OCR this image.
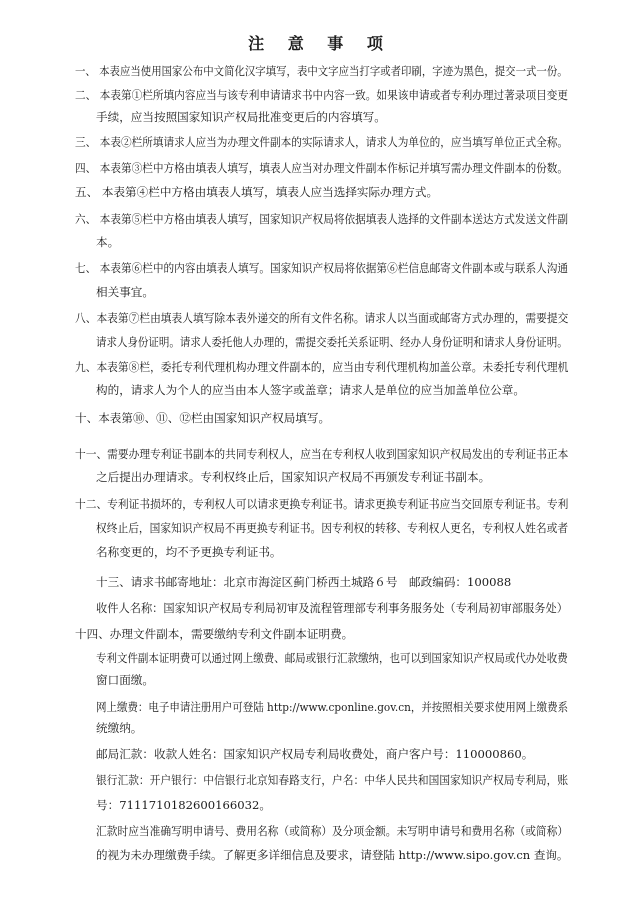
注 意 事 项
一、 本表应当使用国家公布中文简化汉字填写，表中文字应当打字或者印刷，字迹为黑色，提交一式一份。
二、 本表第①栏所填内容应当与该专利申请请求书中内容一致。如果该申请或者专利办理过著录项目变更
手续，应当按照国家知识产权局批准变更后的内容填写。
三、 本表②栏所填请求人应当为办理文件副本的实际请求人，请求人为单位的，应当填写单位正式全称。
四、 本表第③栏中方格由填表人填写，填表人应当对办理文件副本作标记并填写需办理文件副本的份数。
五、 本表第④栏中方格由填表人填写，填表人应当选择实际办理方式。
六、 本表第⑤栏中方格由填表人填写，国家知识产权局将依据填表人选择的文件副本送达方式发送文件副
本。
七、 本表第⑥栏中的内容由填表人填写。国家知识产权局将依据第⑥栏信息邮寄文件副本或与联系人沟通
相关事宜。
八、本表第⑦栏由填表人填写除本表外递交的所有文件名称。请求人以当面或邮寄方式办理的，需要提交
请求人身份证明。请求人委托他人办理的，需提交委托关系证明、经办人身份证明和请求人身份证明。
九、本表第⑧栏，委托专利代理机构办理文件副本的，应当由专利代理机构加盖公章。未委托专利代理机
构的，请求人为个人的应当由本人签字或盖章；请求人是单位的应当加盖单位公章。
十、本表第⑩、⑪、⑫栏由国家知识产权局填写。
十一、需要办理专利证书副本的共同专利权人，应当在专利权人收到国家知识产权局发出的专利证书正本
之后提出办理请求。专利权终止后，国家知识产权局不再颁发专利证书副本。
十二、专利证书损坏的，专利权人可以请求更换专利证书。请求更换专利证书应当交回原专利证书。专利
权终止后，国家知识产权局不再更换专利证书。因专利权的转移、专利权人更名，专利权人姓名或者
名称变更的，均不予更换专利证书。
十三、请求书邮寄地址：北京市海淀区蓟门桥西土城路６号　邮政编码：100088
收件人名称：国家知识产权局专利局初审及流程管理部专利事务服务处（专利局初审部服务处）
十四、办理文件副本，需要缴纳专利文件副本证明费。
专利文件副本证明费可以通过网上缴费、邮局或银行汇款缴纳，也可以到国家知识产权局或代办处收费
窗口面缴。
网上缴费：电子申请注册用户可登陆 http://www.cponline.gov.cn，并按照相关要求使用网上缴费系
统缴纳。
邮局汇款：收款人姓名：国家知识产权局专利局收费处，商户客户号：110000860。
银行汇款：开户银行：中信银行北京知春路支行，户名：中华人民共和国国家知识产权局专利局，账
号：7111710182600166032。
汇款时应当准确写明申请号、费用名称（或简称）及分项金额。未写明申请号和费用名称（或简称）
的视为未办理缴费手续。了解更多详细信息及要求，请登陆 http://www.sipo.gov.cn 查询。
